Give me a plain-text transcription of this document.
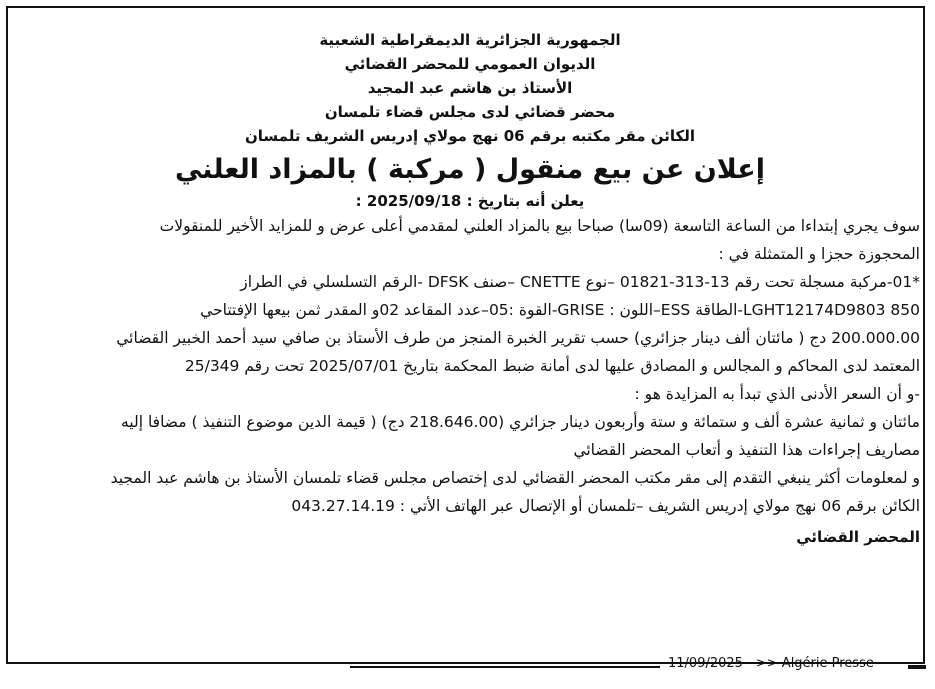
الجمهورية الجزائرية الديمقراطية الشعبية

الديوان العمومي للمحضر القضائي

الأستاذ بن هاشم عبد المجيد

محضر قضائي لدى مجلس قضاء تلمسان

الكائن مقر مكتبه برقم 06 نهج مولاي إدريس الشريف تلمسان

إعلان عن بيع منقول ( مركبة ) بالمزاد العلني

يعلن أنه بتاريخ : 2025/09/18 :

سوف يجري إبتداءا من الساعة التاسعة (09سا) صباحا بيع بالمزاد العلني لمقدمي أعلى عرض و للمزايد الأخير للمنقولات

المحجوزة حجزا و المتمثلة في :

*01-مركبة مسجلة تحت رقم 13-313-01821 –نوع CNETTE –صنف DFSK -الرقم التسلسلي في الطراز

850 LGHT12174D9803-الطاقة ESS–اللون : GRISE-القوة :05–عدد المقاعد 02و المقدر ثمن بيعها الإفتتاحي

200.000.00 دج ( مائتان ألف دينار جزائري) حسب تقرير الخبرة المنجز من طرف الأستاذ بن صافي سيد أحمد الخبير القضائي

المعتمد لدى المحاكم و المجالس و المصادق عليها لدى أمانة ضبط المحكمة بتاريخ 2025/07/01 تحت رقم 25/349

-و أن السعر الأدنى الذي تبدأ به المزايدة هو :

مائتان و ثمانية عشرة ألف و ستمائة و ستة وأربعون دينار جزائري (218.646.00 دج) ( قيمة الدين موضوع التنفيذ ) مضافا إليه

مصاريف إجراءات هذا التنفيذ و أتعاب المحضر القضائي

و لمعلومات أكثر ينبغي التقدم إلى مقر مكتب المحضر القضائي لدى إختصاص مجلس قضاء تلمسان الأستاذ بن هاشم عبد المجيد

الكائن برقم 06 نهج مولاي إدريس الشريف –تلمسان أو الإتصال عبر الهاتف الأتي : 043.27.14.19

المحضر القضائي

11/09/2025 - >> Algérie Presse
